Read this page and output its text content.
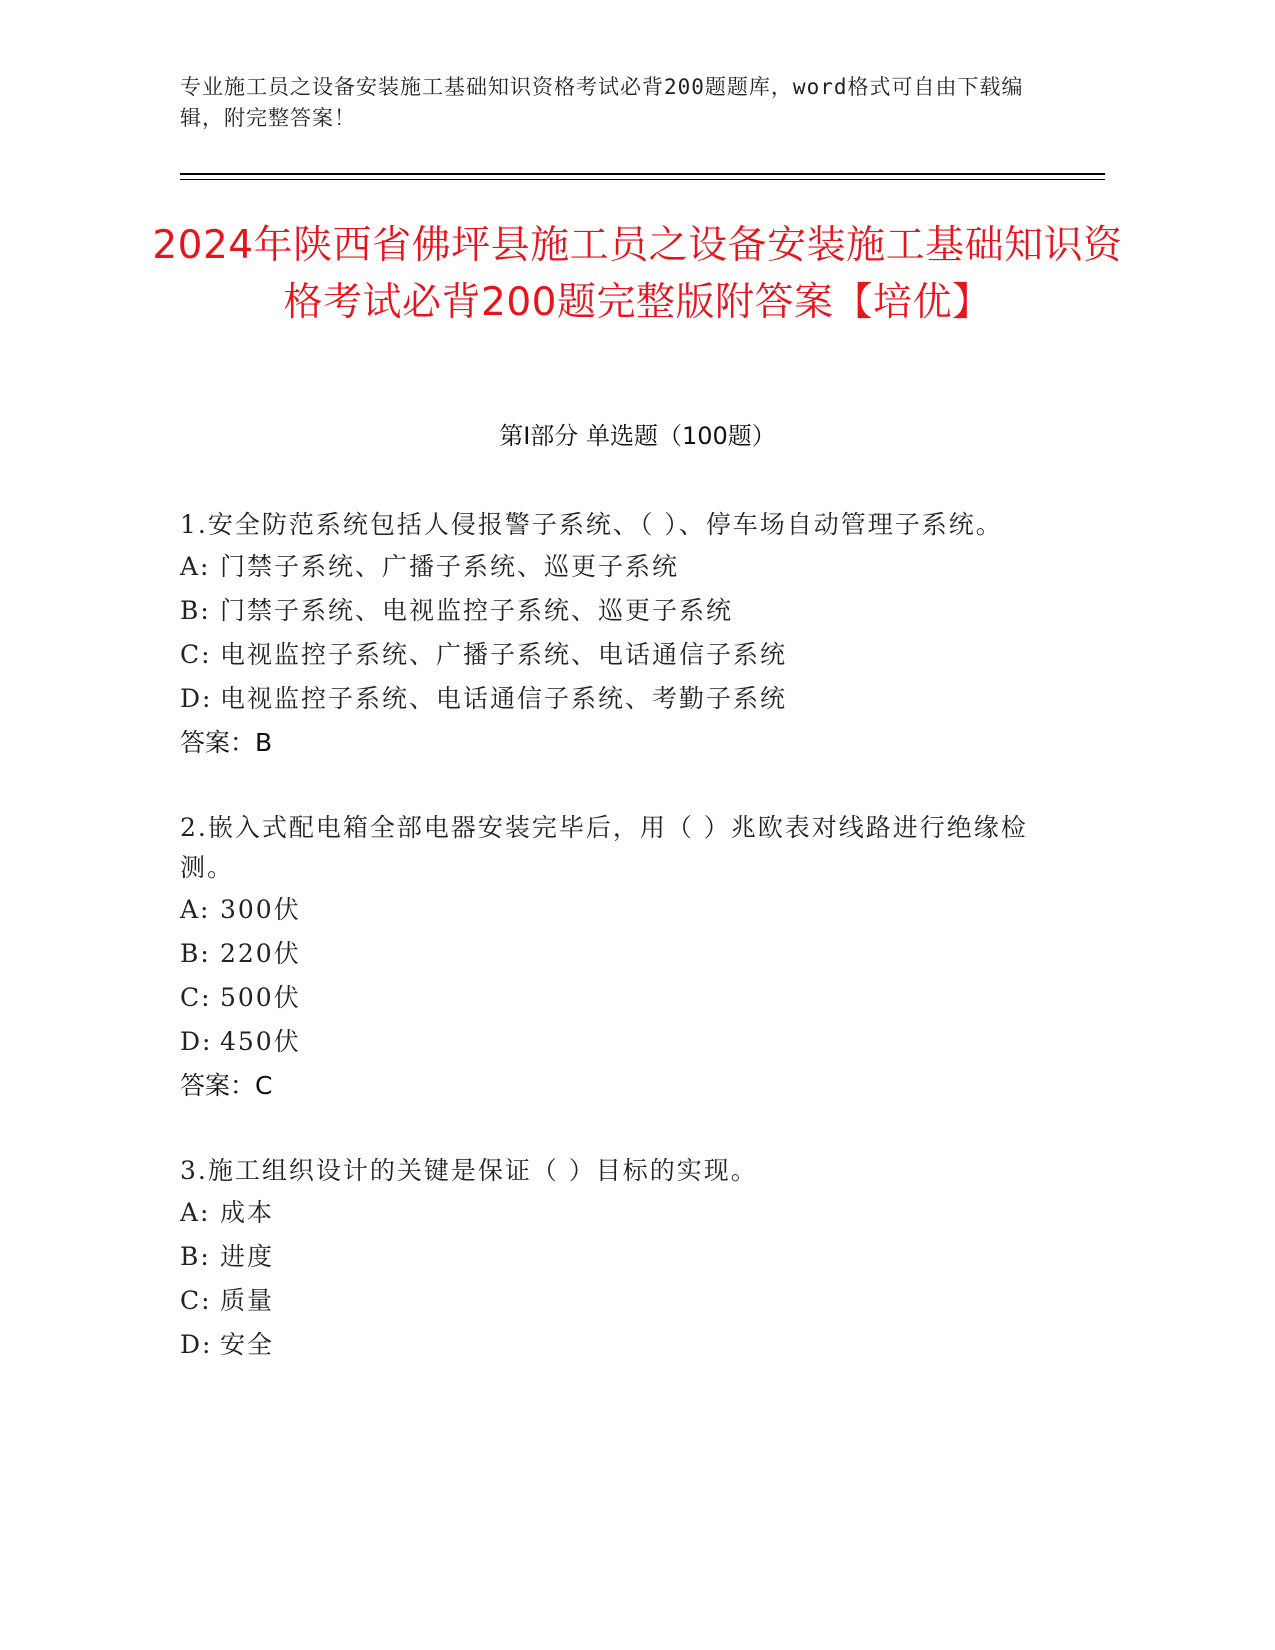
专业施工员之设备安装施工基础知识资格考试必背200题题库，word格式可自由下载编辑，附完整答案！
2024年陕西省佛坪县施工员之设备安装施工基础知识资格考试必背200题完整版附答案【培优】
第Ⅰ部分 单选题（100题）

1.安全防范系统包括人侵报警子系统、（ ）、停车场自动管理子系统。

A: 门禁子系统、广播子系统、巡更子系统

B: 门禁子系统、电视监控子系统、巡更子系统

C: 电视监控子系统、广播子系统、电话通信子系统

D: 电视监控子系统、电话通信子系统、考勤子系统

答案：B

2.嵌入式配电箱全部电器安装完毕后，用（ ）兆欧表对线路进行绝缘检测。

A: 300伏

B: 220伏

C: 500伏

D: 450伏

答案：C

3.施工组织设计的关键是保证（ ）目标的实现。

A: 成本

B: 进度

C: 质量

D: 安全
